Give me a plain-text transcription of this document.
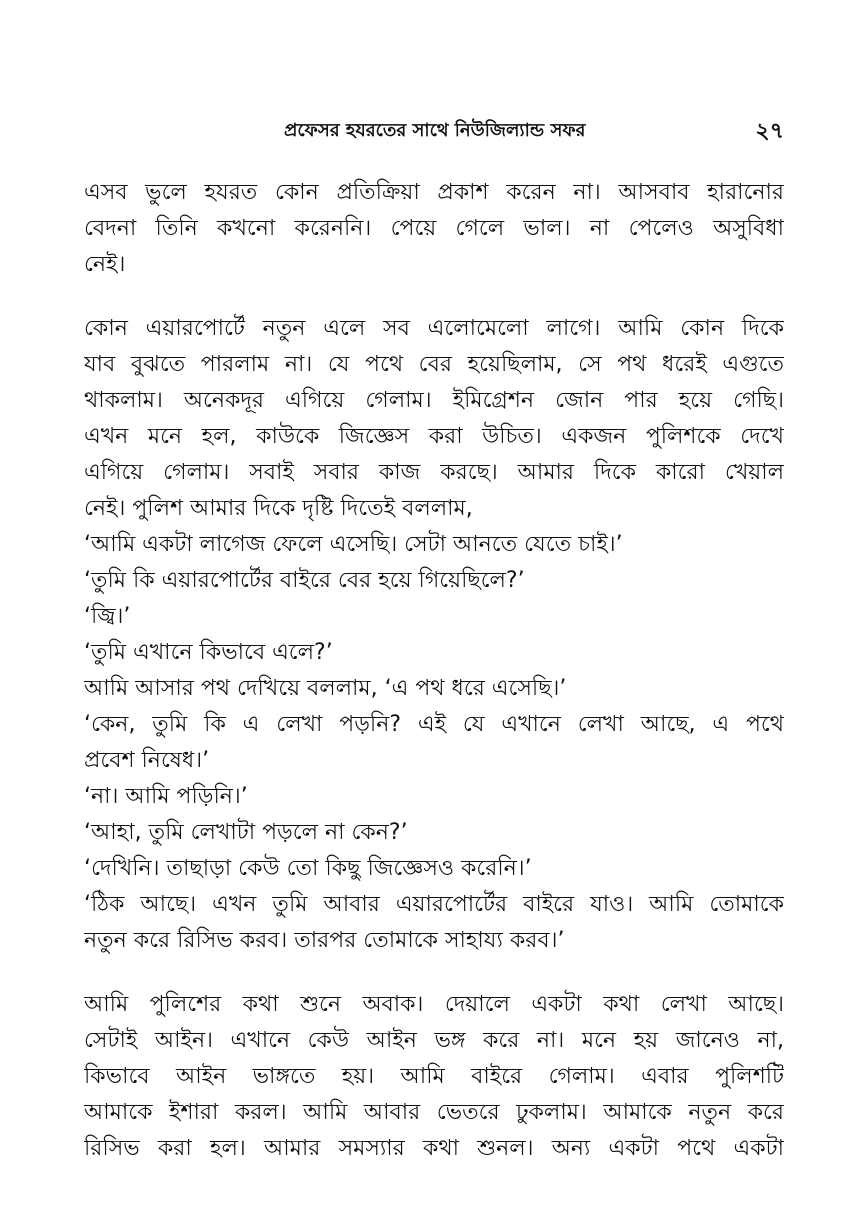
প্রফেসর হযরতের সাথে নিউজিল্যান্ড সফর	২৭
এসব ভুলে হযরত কোন প্রতিক্রিয়া প্রকাশ করেন না। আসবাব হারানোর
বেদনা তিনি কখনো করেননি। পেয়ে গেলে ভাল। না পেলেও অসুবিধা
নেই।
কোন এয়ারপোর্টে নতুন এলে সব এলোমেলো লাগে। আমি কোন দিকে
যাব বুঝতে পারলাম না। যে পথে বের হয়েছিলাম, সে পথ ধরেই এগুতে
থাকলাম। অনেকদূর এগিয়ে গেলাম। ইমিগ্রেশন জোন পার হয়ে গেছি।
এখন মনে হল, কাউকে জিজ্ঞেস করা উচিত। একজন পুলিশকে দেখে
এগিয়ে গেলাম। সবাই সবার কাজ করছে। আমার দিকে কারো খেয়াল
নেই। পুলিশ আমার দিকে দৃষ্টি দিতেই বললাম,
‘আমি একটা লাগেজ ফেলে এসেছি। সেটা আনতে যেতে চাই।’
‘তুমি কি এয়ারপোর্টের বাইরে বের হয়ে গিয়েছিলে?’
‘জ্বি।’
‘তুমি এখানে কিভাবে এলে?’
আমি আসার পথ দেখিয়ে বললাম, ‘এ পথ ধরে এসেছি।’
‘কেন, তুমি কি এ লেখা পড়নি? এই যে এখানে লেখা আছে, এ পথে
প্রবেশ নিষেধ।’
‘না। আমি পড়িনি।’
‘আহা, তুমি লেখাটা পড়লে না কেন?’
‘দেখিনি। তাছাড়া কেউ তো কিছু জিজ্ঞেসও করেনি।’
‘ঠিক আছে। এখন তুমি আবার এয়ারপোর্টের বাইরে যাও। আমি তোমাকে
নতুন করে রিসিভ করব। তারপর তোমাকে সাহায্য করব।’
আমি পুলিশের কথা শুনে অবাক। দেয়ালে একটা কথা লেখা আছে।
সেটাই আইন। এখানে কেউ আইন ভঙ্গ করে না। মনে হয় জানেও না,
কিভাবে আইন ভাঙ্গতে হয়। আমি বাইরে গেলাম। এবার পুলিশটি
আমাকে ইশারা করল। আমি আবার ভেতরে ঢুকলাম। আমাকে নতুন করে
রিসিভ করা হল। আমার সমস্যার কথা শুনল। অন্য একটা পথে একটা
